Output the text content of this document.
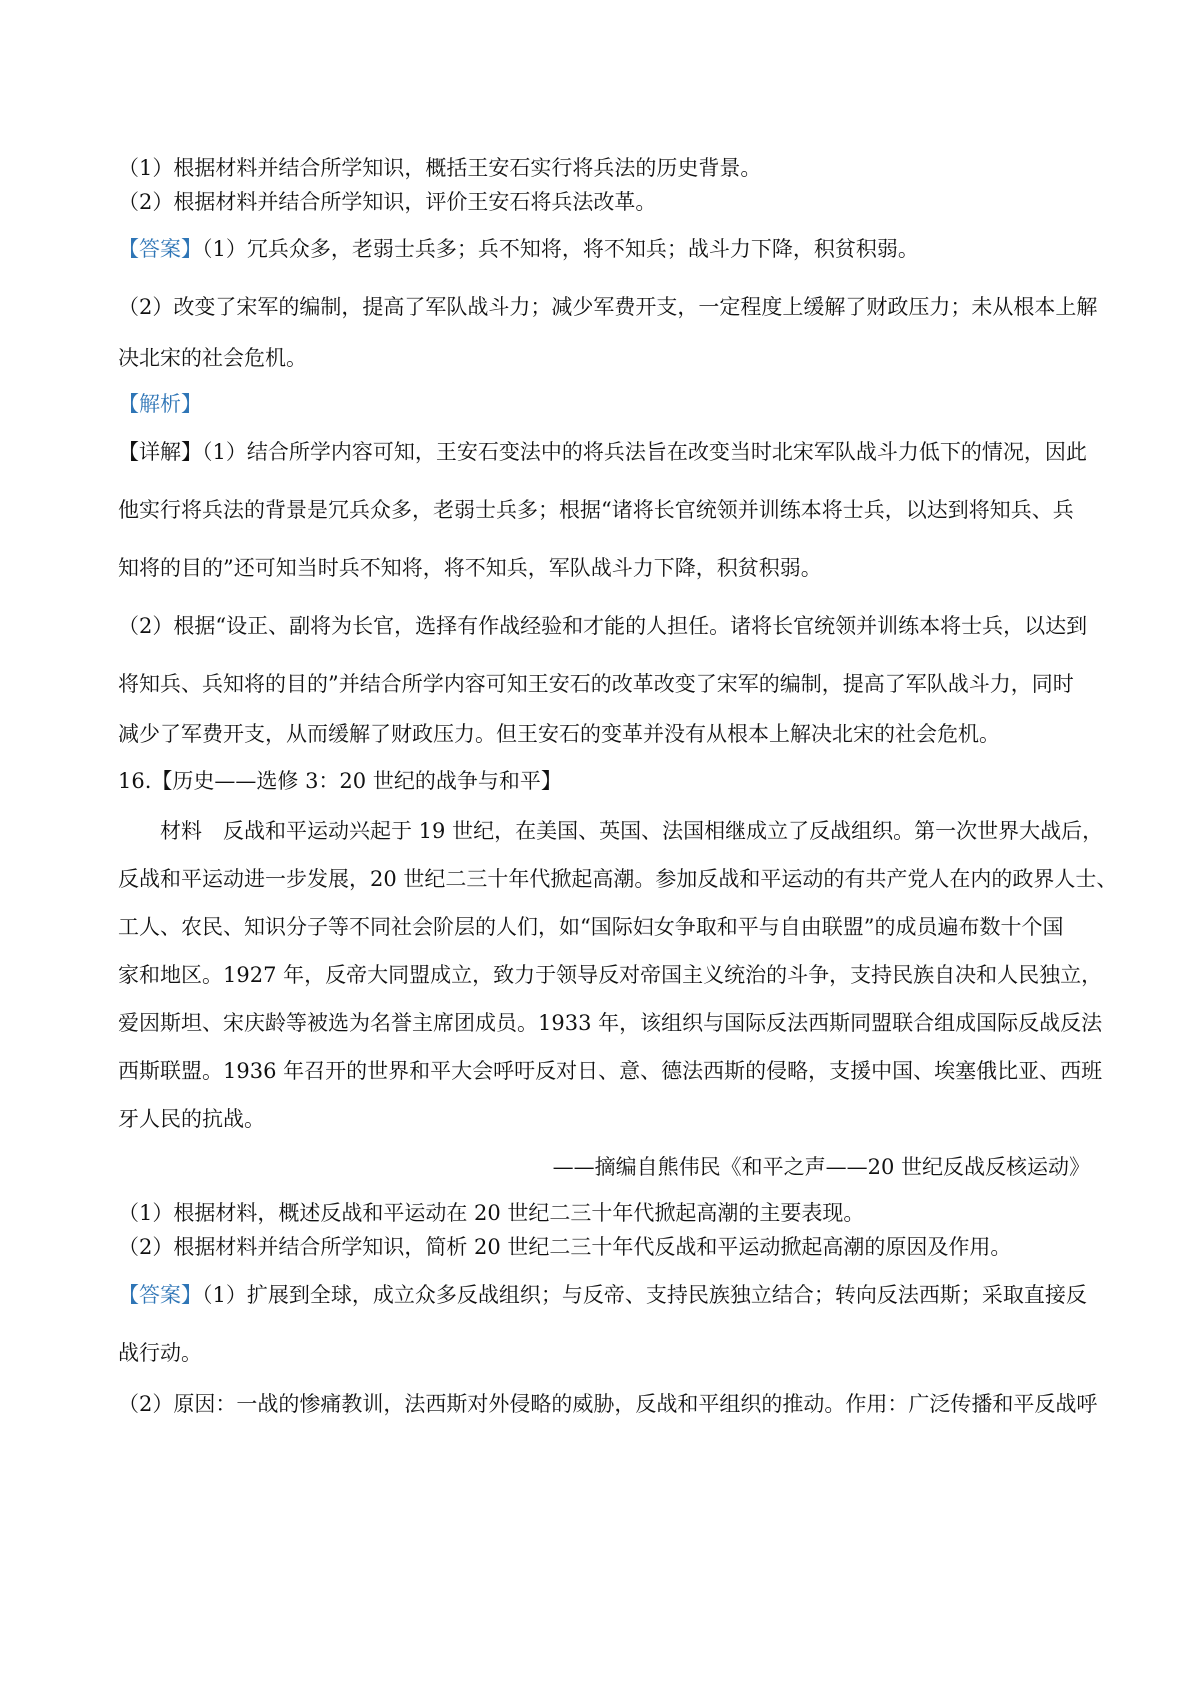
（1）根据材料并结合所学知识，概括王安石实行将兵法的历史背景。
（2）根据材料并结合所学知识，评价王安石将兵法改革。
【答案】（1）冗兵众多，老弱士兵多；兵不知将，将不知兵；战斗力下降，积贫积弱。
（2）改变了宋军的编制，提高了军队战斗力；减少军费开支，一定程度上缓解了财政压力；未从根本上解
决北宋的社会危机。
【解析】
【详解】（1）结合所学内容可知，王安石变法中的将兵法旨在改变当时北宋军队战斗力低下的情况，因此
他实行将兵法的背景是冗兵众多，老弱士兵多；根据“诸将长官统领并训练本将士兵，以达到将知兵、兵
知将的目的”还可知当时兵不知将，将不知兵，军队战斗力下降，积贫积弱。
（2）根据“设正、副将为长官，选择有作战经验和才能的人担任。诸将长官统领并训练本将士兵，以达到
将知兵、兵知将的目的”并结合所学内容可知王安石的改革改变了宋军的编制，提高了军队战斗力，同时
减少了军费开支，从而缓解了财政压力。但王安石的变革并没有从根本上解决北宋的社会危机。
16.【历史——选修 3：20 世纪的战争与和平】
材料　反战和平运动兴起于 19 世纪，在美国、英国、法国相继成立了反战组织。第一次世界大战后，
反战和平运动进一步发展，20 世纪二三十年代掀起高潮。参加反战和平运动的有共产党人在内的政界人士、
工人、农民、知识分子等不同社会阶层的人们，如“国际妇女争取和平与自由联盟”的成员遍布数十个国
家和地区。1927 年，反帝大同盟成立，致力于领导反对帝国主义统治的斗争，支持民族自决和人民独立，
爱因斯坦、宋庆龄等被选为名誉主席团成员。1933 年，该组织与国际反法西斯同盟联合组成国际反战反法
西斯联盟。1936 年召开的世界和平大会呼吁反对日、意、德法西斯的侵略，支援中国、埃塞俄比亚、西班
牙人民的抗战。
——摘编自熊伟民《和平之声——20 世纪反战反核运动》
（1）根据材料，概述反战和平运动在 20 世纪二三十年代掀起高潮的主要表现。
（2）根据材料并结合所学知识，简析 20 世纪二三十年代反战和平运动掀起高潮的原因及作用。
【答案】（1）扩展到全球，成立众多反战组织；与反帝、支持民族独立结合；转向反法西斯；采取直接反
战行动。
（2）原因：一战的惨痛教训，法西斯对外侵略的威胁，反战和平组织的推动。作用：广泛传播和平反战呼
